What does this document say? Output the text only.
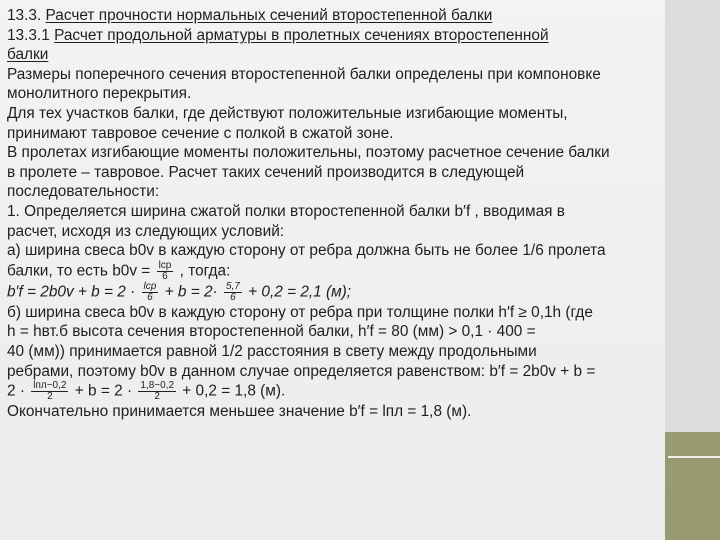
13.3. Расчет прочности нормальных сечений второстепенной балки
13.3.1 Расчет продольной арматуры в пролетных сечениях второстепенной
балки
Размеры поперечного сечения второстепенной балки определены при компоновке
монолитного перекрытия.
Для тех участков балки, где действуют положительные изгибающие моменты,
принимают тавровое сечение с полкой в сжатой зоне.
В пролетах изгибающие моменты положительны, поэтому расчетное сечение балки
в пролете – тавровое. Расчет таких сечений производится в следующей
последовательности:
1. Определяется ширина сжатой полки второстепенной балки b′f , вводимая в
расчет, исходя из следующих условий:
а) ширина свеса b0v в каждую сторону от ребра должна быть не более 1/6 пролета
балки, то есть $b0v = \frac{\text{lср}}{6}$ , тогда:
$b'f = 2b0v + b = 2 \cdot \frac{\text{lср}}{6} + b = 2\cdot \frac{5,7}{6} + 0,2 = 2,1$ (м);
б) ширина свеса b0v в каждую сторону от ребра при толщине полки h′f ≥ 0,1h (где
h = hвт.б высота сечения второстепенной балки, h′f = 80 (мм) > 0,1 · 400 =
40 (мм)) принимается равной 1/2 расстояния в свету между продольными
ребрами, поэтому b0v в данном случае определяется равенством: b′f = 2b0v + b =
$2 \cdot \frac{\text{lпл−0,2}}{2} + b = 2 \cdot \frac{1,8-0,2}{2} + 0,2 = 1,8$ (м).
Окончательно принимается меньшее значение b′f = lпл = 1,8 (м).
